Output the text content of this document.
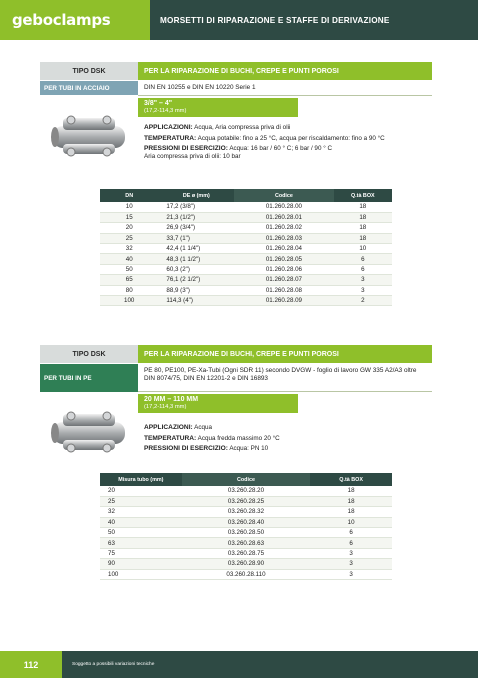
geboclamps	MORSETTI DI RIPARAZIONE E STAFFE DI DERIVAZIONE
TIPO DSK	PER LA RIPARAZIONE DI BUCHI, CREPE E PUNTI POROSI
PER TUBI IN ACCIAIO	DIN EN 10255 e DIN EN 10220 Serie 1
3/8" – 4"
(17,2-114,3 mm)
APPLICAZIONI: Acqua, Aria compressa priva di olii
TEMPERATURA: Acqua potabile: fino a 25 °C, acqua per riscaldamento: fino a 90 °C
PRESSIONI DI ESERCIZIO: Acqua: 16 bar / 60 ° C; 6 bar / 90 ° C
Aria compressa priva di olii: 10 bar
DN	DE ø (mm)	Codice	Q.tà BOX
10	17,2 (3/8")	01.260.28.00	18
15	21,3 (1/2")	01.260.28.01	18
20	26,9 (3/4")	01.260.28.02	18
25	33,7 (1")	01.260.28.03	18
32	42,4 (1 1/4")	01.260.28.04	10
40	48,3 (1 1/2")	01.260.28.05	6
50	60,3 (2")	01.260.28.06	6
65	76,1 (2 1/2")	01.260.28.07	3
80	88,9 (3")	01.260.28.08	3
100	114,3 (4")	01.260.28.09	2
TIPO DSK	PER LA RIPARAZIONE DI BUCHI, CREPE E PUNTI POROSI
PER TUBI IN PE
PE 80, PE100, PE-Xa-Tubi (Ogni SDR 11) secondo DVGW - foglio di lavoro GW 335 A2/A3 oltre DIN 8074/75, DIN EN 12201-2 e DIN 16893
20 MM – 110 MM
(17,2-114,3 mm)
APPLICAZIONI: Acqua
TEMPERATURA: Acqua fredda massimo 20 °C
PRESSIONI DI ESERCIZIO: Acqua: PN 10
Misura tubo (mm)	Codice	Q.tà BOX
20	03.260.28.20	18
25	03.260.28.25	18
32	03.260.28.32	18
40	03.260.28.40	10
50	03.260.28.50	6
63	03.260.28.63	6
75	03.260.28.75	3
90	03.260.28.90	3
100	03.260.28.110	3
112	Soggetto a possibili variazioni tecniche
